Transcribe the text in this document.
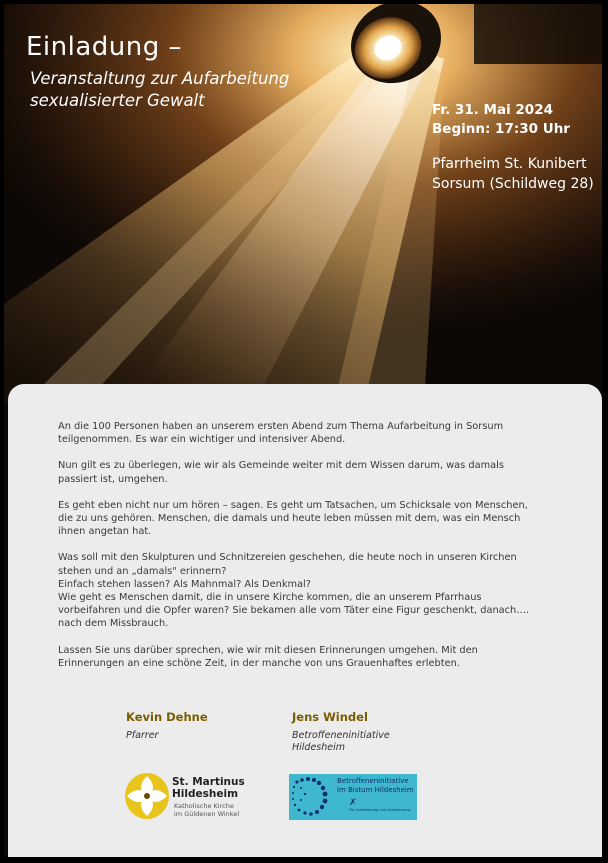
Einladung –

Veranstaltung zur Aufarbeitung
sexualisierter Gewalt	Fr. 31. Mai 2024
Beginn: 17:30 Uhr
Pfarrheim St. Kunibert
Sorsum (Schildweg 28)

An die 100 Personen haben an unserem ersten Abend zum Thema Aufarbeitung in Sorsum teilgenommen. Es war ein wichtiger und intensiver Abend.

Nun gilt es zu überlegen, wie wir als Gemeinde weiter mit dem Wissen darum, was damals passiert ist, umgehen.

Es geht eben nicht nur um hören – sagen. Es geht um Tatsachen, um Schicksale von Menschen, die zu uns gehören. Menschen, die damals und heute leben müssen mit dem, was ein Mensch ihnen angetan hat.

Was soll mit den Skulpturen und Schnitzereien geschehen, die heute noch in unseren Kirchen stehen und an „damals" erinnern?
Einfach stehen lassen? Als Mahnmal? Als Denkmal?
Wie geht es Menschen damit, die in unsere Kirche kommen, die an unserem Pfarrhaus vorbeifahren und die Opfer waren? Sie bekamen alle vom Täter eine Figur geschenkt, danach…. nach dem Missbrauch.

Lassen Sie uns darüber sprechen, wie wir mit diesen Erinnerungen umgehen. Mit den Erinnerungen an eine schöne Zeit, in der manche von uns Grauenhaftes erlebten.

Kevin Dehne
Pfarrer
Jens Windel
Betroffeneninitiative
Hildesheim
St. Martinus
Hildesheim
Katholische Kirche
im Güldenen Winkel
✗
Betroffeneninitiative
im Bistum Hildesheim
Für Aufarbeitung und Anerkennung
